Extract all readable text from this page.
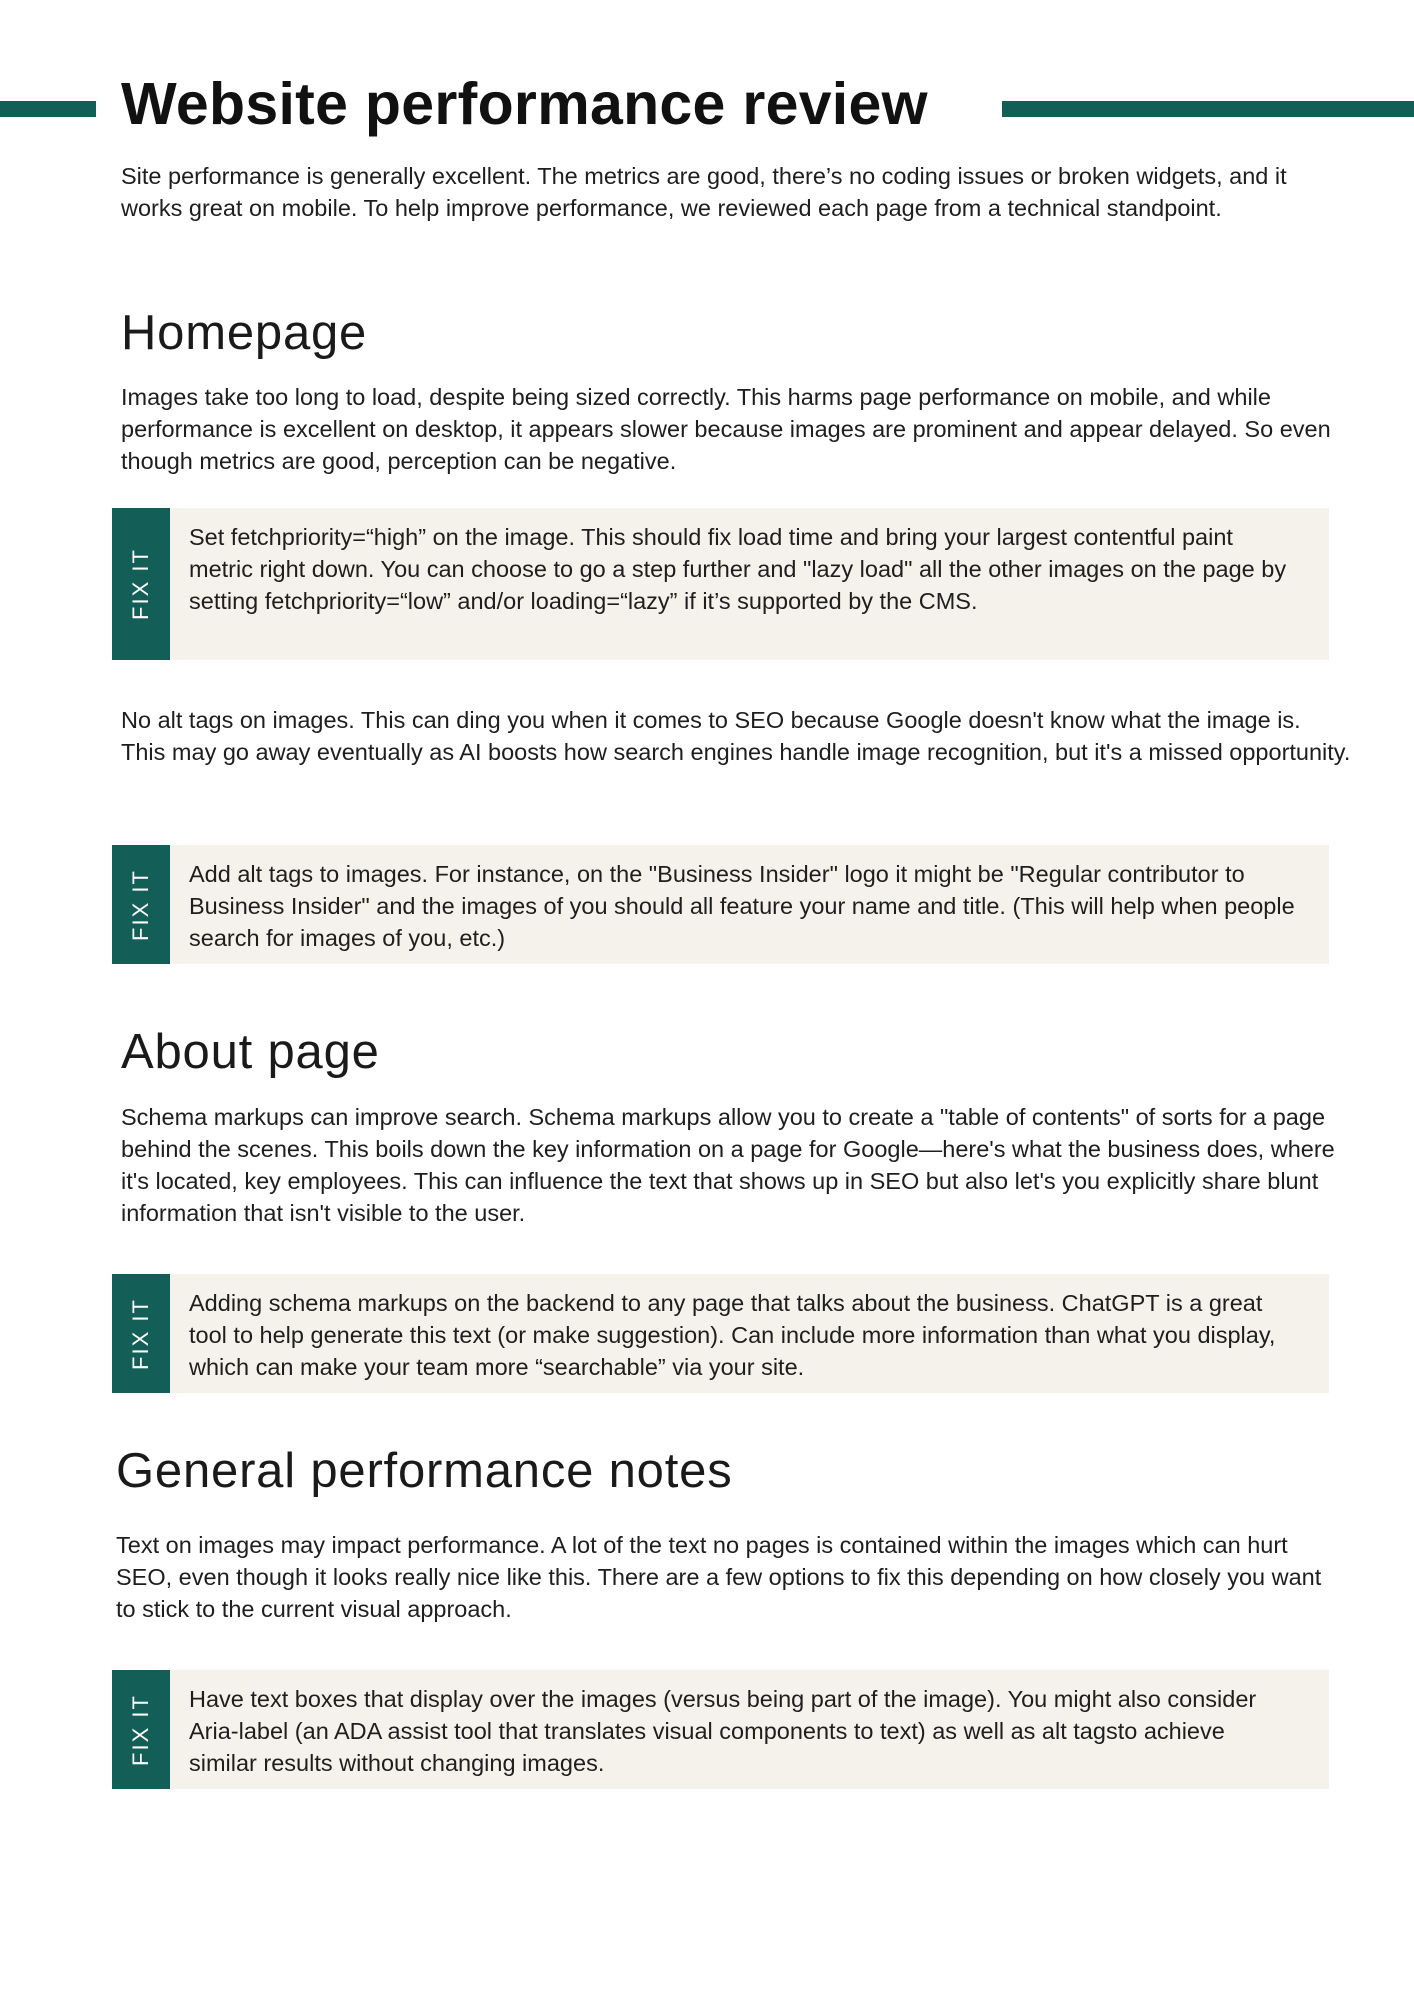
Website performance review

Site performance is generally excellent. The metrics are good, there’s no coding issues or broken widgets, and it works great on mobile. To help improve performance, we reviewed each page from a technical standpoint.

Homepage

Images take too long to load, despite being sized correctly. This harms page performance on mobile, and while performance is excellent on desktop, it appears slower because images are prominent and appear delayed. So even though metrics are good, perception can be negative.

FIX IT

Set fetchpriority=“high” on the image. This should fix load time and bring your largest contentful paint metric right down. You can choose to go a step further and "lazy load" all the other images on the page by setting fetchpriority=“low” and/or loading=“lazy” if it’s supported by the CMS.

No alt tags on images. This can ding you when it comes to SEO because Google doesn't know what the image is. This may go away eventually as AI boosts how search engines handle image recognition, but it's a missed opportunity.

FIX IT Add alt tags to images. For instance, on the "Business Insider" logo it might be "Regular contributor to Business Insider" and the images of you should all feature your name and title. (This will help when people search for images of you, etc.)

About page

Schema markups can improve search. Schema markups allow you to create a "table of contents" of sorts for a page behind the scenes. This boils down the key information on a page for Google—here's what the business does, where it's located, key employees. This can influence the text that shows up in SEO but also let's you explicitly share blunt information that isn't visible to the user.

FIX IT Adding schema markups on the backend to any page that talks about the business. ChatGPT is a great tool to help generate this text (or make suggestion). Can include more information than what you display, which can make your team more “searchable” via your site.

General performance notes

Text on images may impact performance. A lot of the text no pages is contained within the images which can hurt SEO, even though it looks really nice like this. There are a few options to fix this depending on how closely you want to stick to the current visual approach.

FIX IT Have text boxes that display over the images (versus being part of the image). You might also consider Aria-label (an ADA assist tool that translates visual components to text) as well as alt tagsto achieve similar results without changing images.
